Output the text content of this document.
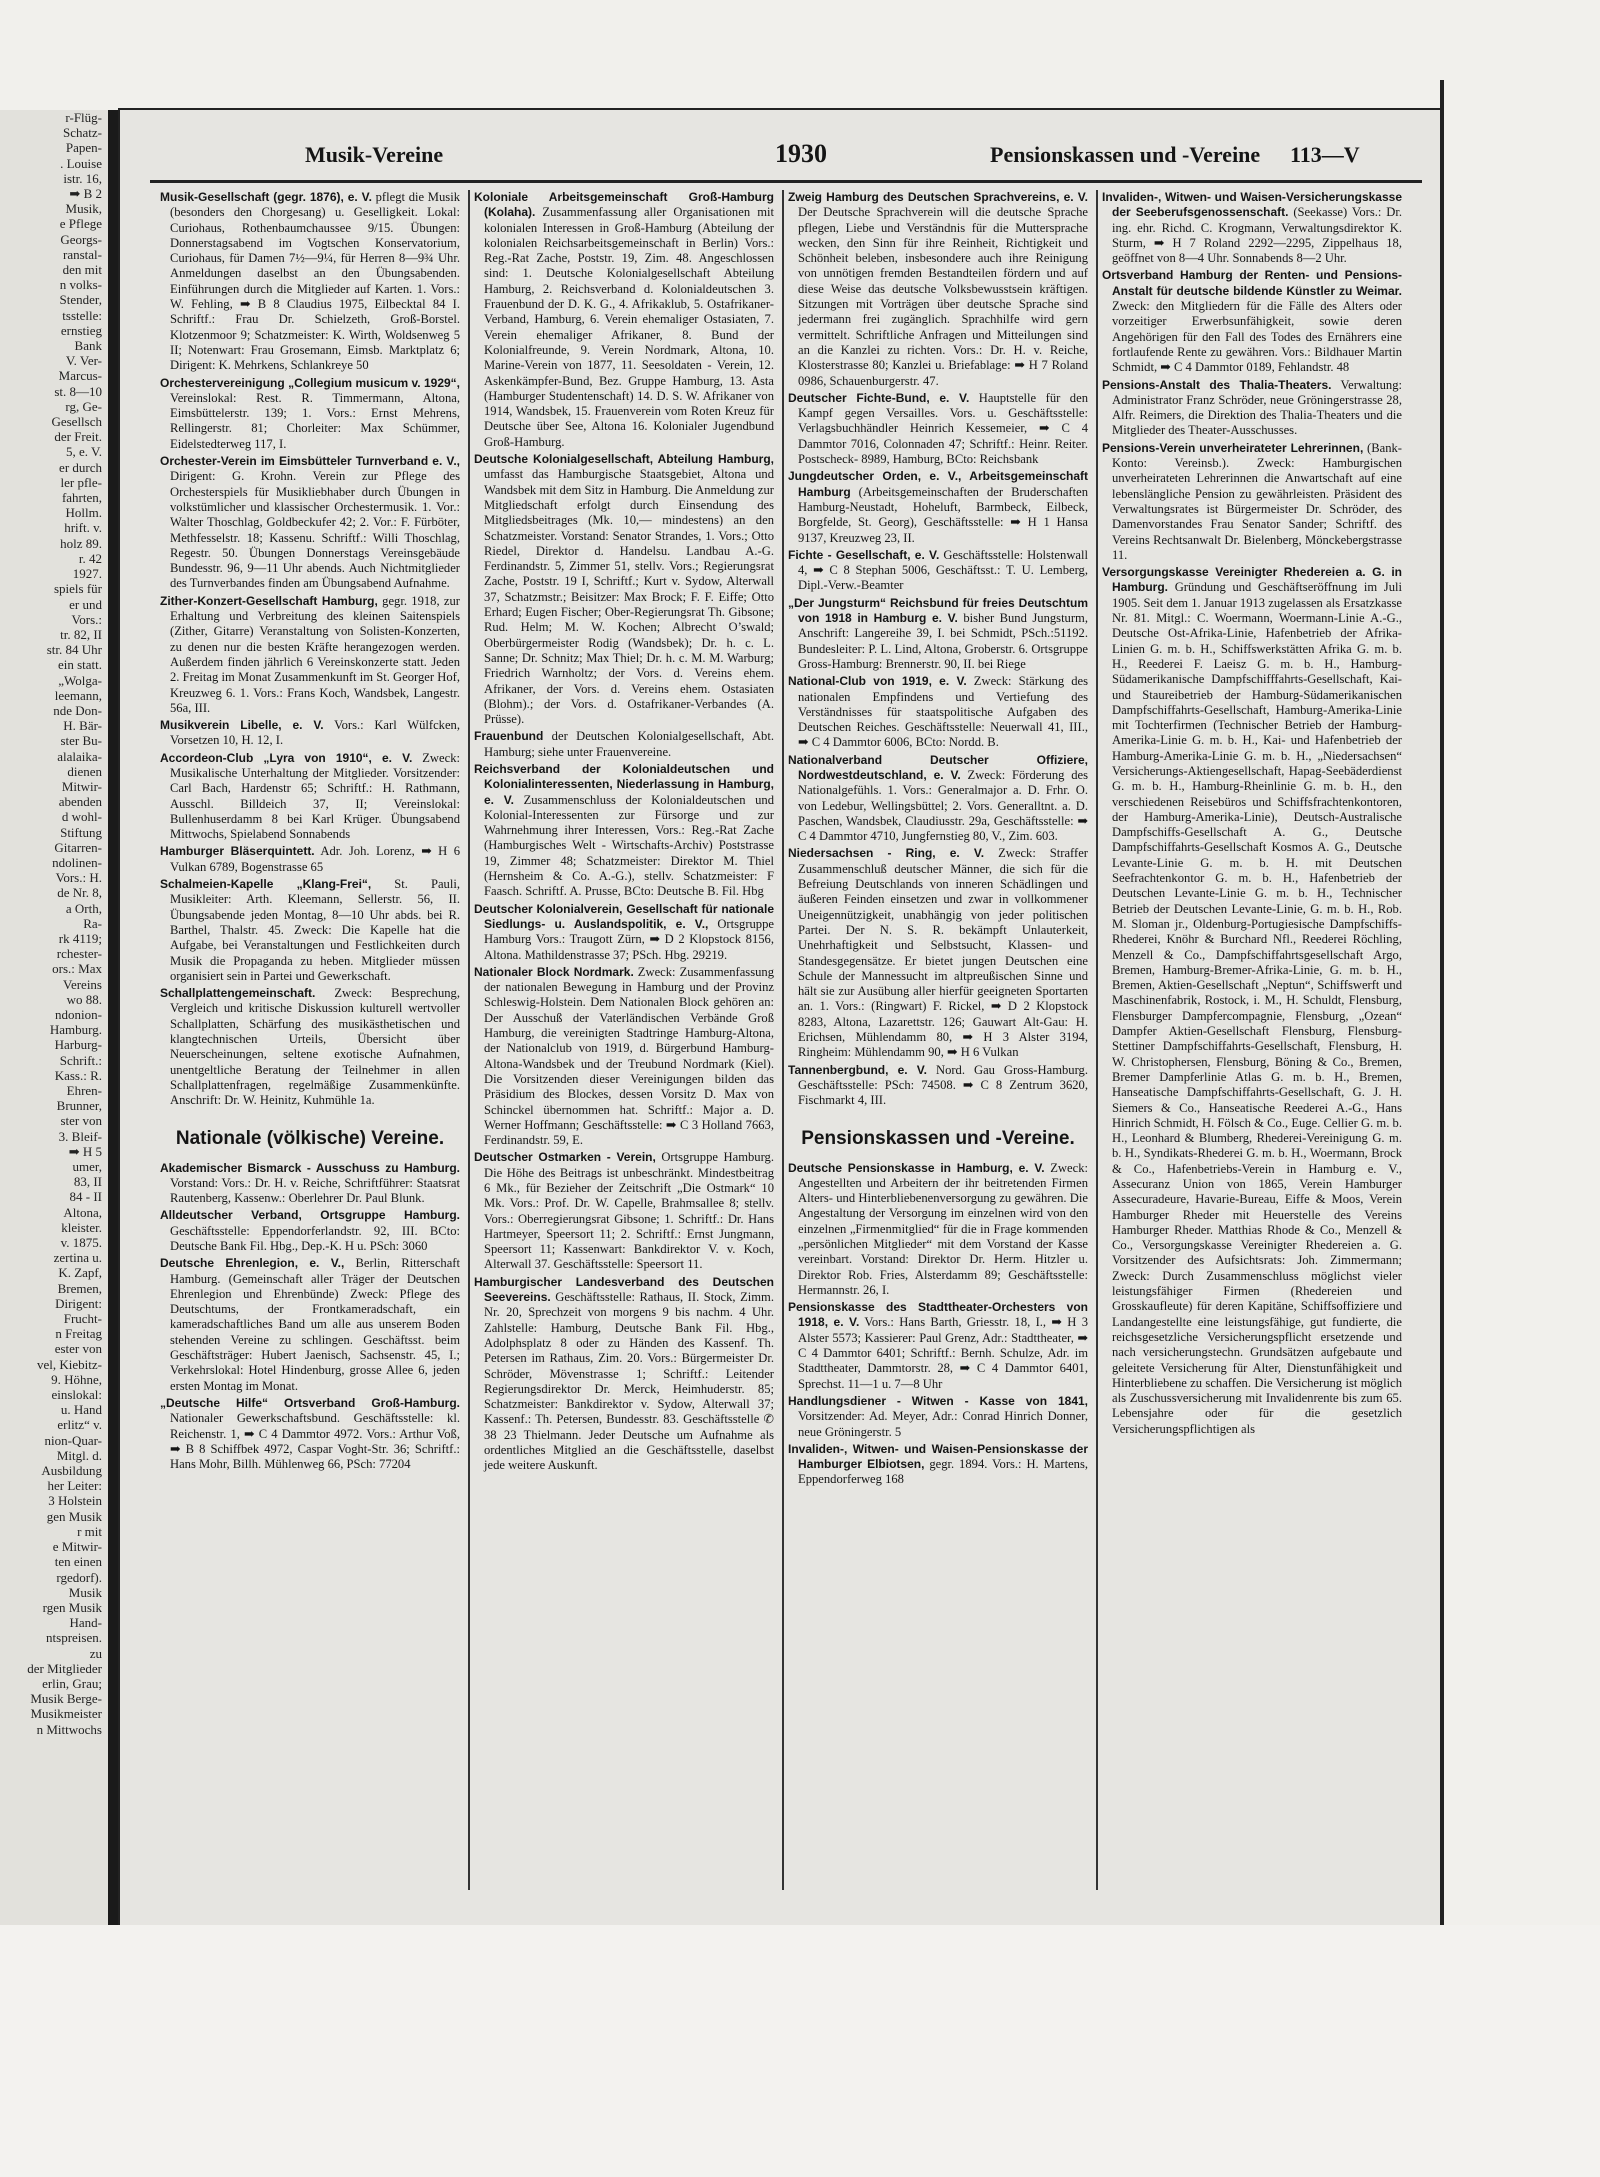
r-Flüg-
Schatz-
Papen-
. Louise
istr. 16,
➡ B 2
Musik,
e Pflege
Georgs-
ranstal-
den mit
n volks-
Stender,
tsstelle:
ernstieg
Bank
V. Ver-
Marcus-
st. 8—10
rg, Ge-
Gesellsch
der Freit.
5, e. V.
er durch
ler pfle-
fahrten,
Hollm.
hrift. v.
holz 89.
r. 42
1927.
spiels für
er und
Vors.:
tr. 82, II
str. 84 Uhr
ein statt.
„Wolga-
leemann,
nde Don-
H. Bär-
ster Bu-
alalaika-
dienen
Mitwir-
abenden
d wohl-
Stiftung
Gitarren-
ndolinen-
Vors.: H.
de Nr. 8,
a Orth,
Ra-
rk 4119;
rchester-
ors.: Max
Vereins
wo 88.
ndonion-
Hamburg.
Harburg-
Schrift.:
Kass.: R.
Ehren-
Brunner,
ster von
3. Bleif-
➡ H 5
umer,
83, II
84 - II
Altona,
kleister.
v. 1875.
zertina u.
K. Zapf,
Bremen,
Dirigent:
Frucht-
n Freitag
ester von
vel, Kiebitz-
9. Höhne,
einslokal:
u. Hand
erlitz“ v.
nion-Quar-
Mitgl. d.
Ausbildung
her Leiter:
3 Holstein
gen Musik
r mit
e Mitwir-
ten einen
rgedorf).
Musik
rgen Musik
Hand-
ntspreisen.
zu
der Mitglieder
erlin, Grau;
Musik Berge-
Musikmeister
n Mittwochs
Musik-Vereine	1930	Pensionskassen und -Vereine 113—V

Musik-Gesellschaft (gegr. 1876), e. V. pflegt die Musik (besonders den Chorgesang) u. Geselligkeit. Lokal: Curiohaus, Rothenbaumchaussee 9/15. Übungen: Donnerstagsabend im Vogtschen Konservatorium, Curiohaus, für Damen 7½—9¼, für Herren 8—9¾ Uhr. Anmeldungen daselbst an den Übungsabenden. Einführungen durch die Mitglieder auf Karten. 1. Vors.: W. Fehling, ➡ B 8 Claudius 1975, Eilbecktal 84 I. Schriftf.: Frau Dr. Schielzeth, Groß-Borstel. Klotzenmoor 9; Schatzmeister: K. Wirth, Woldsenweg 5 II; Notenwart: Frau Grosemann, Eimsb. Marktplatz 6; Dirigent: K. Mehrkens, Schlankreye 50

Orchestervereinigung „Collegium musicum v. 1929“, Vereinslokal: Rest. R. Timmermann, Altona, Eimsbüttelerstr. 139; 1. Vors.: Ernst Mehrens, Rellingerstr. 81; Chorleiter: Max Schümmer, Eidelstedterweg 117, I.

Orchester-Verein im Eimsbütteler Turnverband e. V., Dirigent: G. Krohn. Verein zur Pflege des Orchesterspiels für Musikliebhaber durch Übungen in volkstümlicher und klassischer Orchestermusik. 1. Vor.: Walter Thoschlag, Goldbeckufer 42; 2. Vor.: F. Fürböter, Methfesselstr. 18; Kassenu. Schriftf.: Willi Thoschlag, Regestr. 50. Übungen Donnerstags Vereinsgebäude Bundesstr. 96, 9—11 Uhr abends. Auch Nichtmitglieder des Turnverbandes finden am Übungsabend Aufnahme.

Zither-Konzert-Gesellschaft Hamburg, gegr. 1918, zur Erhaltung und Verbreitung des kleinen Saitenspiels (Zither, Gitarre) Veranstaltung von Solisten-Konzerten, zu denen nur die besten Kräfte herangezogen werden. Außerdem finden jährlich 6 Vereinskonzerte statt. Jeden 2. Freitag im Monat Zusammenkunft im St. Georger Hof, Kreuzweg 6. 1. Vors.: Frans Koch, Wandsbek, Langestr. 56a, III.

Musikverein Libelle, e. V. Vors.: Karl Wülfcken, Vorsetzen 10, H. 12, I.

Accordeon-Club „Lyra von 1910“, e. V. Zweck: Musikalische Unterhaltung der Mitglieder. Vorsitzender: Carl Bach, Hardenstr 65; Schriftf.: H. Rathmann, Ausschl. Billdeich 37, II; Vereinslokal: Bullenhuserdamm 8 bei Karl Krüger. Übungsabend Mittwochs, Spielabend Sonnabends

Hamburger Bläserquintett. Adr. Joh. Lorenz, ➡ H 6 Vulkan 6789, Bogenstrasse 65

Schalmeien-Kapelle „Klang-Frei“, St. Pauli, Musikleiter: Arth. Kleemann, Sellerstr. 56, II. Übungsabende jeden Montag, 8—10 Uhr abds. bei R. Barthel, Thalstr. 45. Zweck: Die Kapelle hat die Aufgabe, bei Veranstaltungen und Festlichkeiten durch Musik die Propaganda zu heben. Mitglieder müssen organisiert sein in Partei und Gewerkschaft.

Schallplattengemeinschaft. Zweck: Besprechung, Vergleich und kritische Diskussion kulturell wertvoller Schallplatten, Schärfung des musikästhetischen und klangtechnischen Urteils, Übersicht über Neuerscheinungen, seltene exotische Aufnahmen, unentgeltliche Beratung der Teilnehmer in allen Schallplattenfragen, regelmäßige Zusammenkünfte. Anschrift: Dr. W. Heinitz, Kuhmühle 1a.

Nationale (völkische) Vereine.

Akademischer Bismarck - Ausschuss zu Hamburg. Vorstand: Vors.: Dr. H. v. Reiche, Schriftführer: Staatsrat Rautenberg, Kassenw.: Oberlehrer Dr. Paul Blunk.

Alldeutscher Verband, Ortsgruppe Hamburg. Geschäftsstelle: Eppendorferlandstr. 92, III. BCto: Deutsche Bank Fil. Hbg., Dep.-K. H u. PSch: 3060

Deutsche Ehrenlegion, e. V., Berlin, Ritterschaft Hamburg. (Gemeinschaft aller Träger der Deutschen Ehrenlegion und Ehrenbünde) Zweck: Pflege des Deutschtums, der Frontkameradschaft, ein kameradschaftliches Band um alle aus unserem Boden stehenden Vereine zu schlingen. Geschäftsst. beim Geschäftsträger: Hubert Jaenisch, Sachsenstr. 45, I.; Verkehrslokal: Hotel Hindenburg, grosse Allee 6, jeden ersten Montag im Monat.

„Deutsche Hilfe“ Ortsverband Groß-Hamburg. Nationaler Gewerkschaftsbund. Geschäftsstelle: kl. Reichenstr. 1, ➡ C 4 Dammtor 4972. Vors.: Arthur Voß, ➡ B 8 Schiffbek 4972, Caspar Voght-Str. 36; Schriftf.: Hans Mohr, Billh. Mühlenweg 66, PSch: 77204

Koloniale Arbeitsgemeinschaft Groß-Hamburg (Kolaha). Zusammenfassung aller Organisationen mit kolonialen Interessen in Groß-Hamburg (Abteilung der kolonialen Reichsarbeitsgemeinschaft in Berlin) Vors.: Reg.-Rat Zache, Poststr. 19, Zim. 48. Angeschlossen sind: 1. Deutsche Kolonialgesellschaft Abteilung Hamburg, 2. Reichsverband d. Kolonialdeutschen 3. Frauenbund der D. K. G., 4. Afrikaklub, 5. Ostafrikaner-Verband, Hamburg, 6. Verein ehemaliger Ostasiaten, 7. Verein ehemaliger Afrikaner, 8. Bund der Kolonialfreunde, 9. Verein Nordmark, Altona, 10. Marine-Verein von 1877, 11. Seesoldaten - Verein, 12. Askenkämpfer-Bund, Bez. Gruppe Hamburg, 13. Asta (Hamburger Studentenschaft) 14. D. S. W. Afrikaner von 1914, Wandsbek, 15. Frauenverein vom Roten Kreuz für Deutsche über See, Altona 16. Kolonialer Jugendbund Groß-Hamburg.

Deutsche Kolonialgesellschaft, Abteilung Hamburg, umfasst das Hamburgische Staatsgebiet, Altona und Wandsbek mit dem Sitz in Hamburg. Die Anmeldung zur Mitgliedschaft erfolgt durch Einsendung des Mitgliedsbeitrages (Mk. 10,— mindestens) an den Schatzmeister. Vorstand: Senator Strandes, 1. Vors.; Otto Riedel, Direktor d. Handelsu. Landbau A.-G. Ferdinandstr. 5, Zimmer 51, stellv. Vors.; Regierungsrat Zache, Poststr. 19 I, Schriftf.; Kurt v. Sydow, Alterwall 37, Schatzmstr.; Beisitzer: Max Brock; F. F. Eiffe; Otto Erhard; Eugen Fischer; Ober-Regierungsrat Th. Gibsone; Rud. Helm; M. W. Kochen; Albrecht O’swald; Oberbürgermeister Rodig (Wandsbek); Dr. h. c. L. Sanne; Dr. Schnitz; Max Thiel; Dr. h. c. M. M. Warburg; Friedrich Warnholtz; der Vors. d. Vereins ehem. Afrikaner, der Vors. d. Vereins ehem. Ostasiaten (Blohm).; der Vors. d. Ostafrikaner-Verbandes (A. Prüsse).

Frauenbund der Deutschen Kolonialgesellschaft, Abt. Hamburg; siehe unter Frauenvereine.

Reichsverband der Kolonialdeutschen und Kolonialinteressenten, Niederlassung in Hamburg, e. V. Zusammenschluss der Kolonialdeutschen und Kolonial-Interessenten zur Fürsorge und zur Wahrnehmung ihrer Interessen, Vors.: Reg.-Rat Zache (Hamburgisches Welt - Wirtschafts-Archiv) Poststrasse 19, Zimmer 48; Schatzmeister: Direktor M. Thiel (Hernsheim & Co. A.-G.), stellv. Schatzmeister: F Faasch. Schriftf. A. Prusse, BCto: Deutsche B. Fil. Hbg

Deutscher Kolonialverein, Gesellschaft für nationale Siedlungs- u. Auslandspolitik, e. V., Ortsgruppe Hamburg Vors.: Traugott Zürn, ➡ D 2 Klopstock 8156, Altona. Mathildenstrasse 37; PSch. Hbg. 29219.

Nationaler Block Nordmark. Zweck: Zusammenfassung der nationalen Bewegung in Hamburg und der Provinz Schleswig-Holstein. Dem Nationalen Block gehören an: Der Ausschuß der Vaterländischen Verbände Groß Hamburg, die vereinigten Stadtringe Hamburg-Altona, der Nationalclub von 1919, d. Bürgerbund Hamburg-Altona-Wandsbek und der Treubund Nordmark (Kiel). Die Vorsitzenden dieser Vereinigungen bilden das Präsidium des Blockes, dessen Vorsitz D. Max von Schinckel übernommen hat. Schriftf.: Major a. D. Werner Hoffmann; Geschäftsstelle: ➡ C 3 Holland 7663, Ferdinandstr. 59, E.

Deutscher Ostmarken - Verein, Ortsgruppe Hamburg. Die Höhe des Beitrags ist unbeschränkt. Mindestbeitrag 6 Mk., für Bezieher der Zeitschrift „Die Ostmark“ 10 Mk. Vors.: Prof. Dr. W. Capelle, Brahmsallee 8; stellv. Vors.: Oberregierungsrat Gibsone; 1. Schriftf.: Dr. Hans Hartmeyer, Speersort 11; 2. Schriftf.: Ernst Jungmann, Speersort 11; Kassenwart: Bankdirektor V. v. Koch, Alterwall 37. Geschäftsstelle: Speersort 11.

Hamburgischer Landesverband des Deutschen Seevereins. Geschäftsstelle: Rathaus, II. Stock, Zimm. Nr. 20, Sprechzeit von morgens 9 bis nachm. 4 Uhr. Zahlstelle: Hamburg, Deutsche Bank Fil. Hbg., Adolphsplatz 8 oder zu Händen des Kassenf. Th. Petersen im Rathaus, Zim. 20. Vors.: Bürgermeister Dr. Schröder, Mövenstrasse 1; Schriftf.: Leitender Regierungsdirektor Dr. Merck, Heimhuderstr. 85; Schatzmeister: Bankdirektor v. Sydow, Alterwall 37; Kassenf.: Th. Petersen, Bundesstr. 83. Geschäftsstelle ✆ 38 23 Thielmann. Jeder Deutsche um Aufnahme als ordentliches Mitglied an die Geschäftsstelle, daselbst jede weitere Auskunft.

Zweig Hamburg des Deutschen Sprachvereins, e. V. Der Deutsche Sprachverein will die deutsche Sprache pflegen, Liebe und Verständnis für die Muttersprache wecken, den Sinn für ihre Reinheit, Richtigkeit und Schönheit beleben, insbesondere auch ihre Reinigung von unnötigen fremden Bestandteilen fördern und auf diese Weise das deutsche Volksbewusstsein kräftigen. Sitzungen mit Vorträgen über deutsche Sprache sind jedermann frei zugänglich. Sprachhilfe wird gern vermittelt. Schriftliche Anfragen und Mitteilungen sind an die Kanzlei zu richten. Vors.: Dr. H. v. Reiche, Klosterstrasse 80; Kanzlei u. Briefablage: ➡ H 7 Roland 0986, Schauenburgerstr. 47.

Deutscher Fichte-Bund, e. V. Hauptstelle für den Kampf gegen Versailles. Vors. u. Geschäftsstelle: Verlagsbuchhändler Heinrich Kessemeier, ➡ C 4 Dammtor 7016, Colonnaden 47; Schriftf.: Heinr. Reiter. Postscheck- 8989, Hamburg, BCto: Reichsbank

Jungdeutscher Orden, e. V., Arbeitsgemeinschaft Hamburg (Arbeitsgemeinschaften der Bruderschaften Hamburg-Neustadt, Hoheluft, Barmbeck, Eilbeck, Borgfelde, St. Georg), Geschäftsstelle: ➡ H 1 Hansa 9137, Kreuzweg 23, II.

Fichte - Gesellschaft, e. V. Geschäftsstelle: Holstenwall 4, ➡ C 8 Stephan 5006, Geschäftsst.: T. U. Lemberg, Dipl.-Verw.-Beamter

„Der Jungsturm“ Reichsbund für freies Deutschtum von 1918 in Hamburg e. V. bisher Bund Jungsturm, Anschrift: Langereihe 39, I. bei Schmidt, PSch.:51192. Bundesleiter: P. L. Lind, Altona, Groberstr. 6. Ortsgruppe Gross-Hamburg: Brennerstr. 90, II. bei Riege

National-Club von 1919, e. V. Zweck: Stärkung des nationalen Empfindens und Vertiefung des Verständnisses für staatspolitische Aufgaben des Deutschen Reiches. Geschäftsstelle: Neuerwall 41, III., ➡ C 4 Dammtor 6006, BCto: Nordd. B.

Nationalverband Deutscher Offiziere, Nordwestdeutschland, e. V. Zweck: Förderung des Nationalgefühls. 1. Vors.: Generalmajor a. D. Frhr. O. von Ledebur, Wellingsbüttel; 2. Vors. Generalltnt. a. D. Paschen, Wandsbek, Claudiusstr. 29a, Geschäftsstelle: ➡ C 4 Dammtor 4710, Jungfernstieg 80, V., Zim. 603.

Niedersachsen - Ring, e. V. Zweck: Straffer Zusammenschluß deutscher Männer, die sich für die Befreiung Deutschlands von inneren Schädlingen und äußeren Feinden einsetzen und zwar in vollkommener Uneigennützigkeit, unabhängig von jeder politischen Partei. Der N. S. R. bekämpft Unlauterkeit, Unehrhaftigkeit und Selbstsucht, Klassen- und Standesgegensätze. Er bietet jungen Deutschen eine Schule der Mannessucht im altpreußischen Sinne und hält sie zur Ausübung aller hierfür geeigneten Sportarten an. 1. Vors.: (Ringwart) F. Rickel, ➡ D 2 Klopstock 8283, Altona, Lazarettstr. 126; Gauwart Alt-Gau: H. Erichsen, Mühlendamm 80, ➡ H 3 Alster 3194, Ringheim: Mühlendamm 90, ➡ H 6 Vulkan

Tannenbergbund, e. V. Nord. Gau Gross-Hamburg. Geschäftsstelle: PSch: 74508. ➡ C 8 Zentrum 3620, Fischmarkt 4, III.

Pensionskassen und -Vereine.

Deutsche Pensionskasse in Hamburg, e. V. Zweck: Angestellten und Arbeitern der ihr beitretenden Firmen Alters- und Hinterbliebenenversorgung zu gewähren. Die Angestaltung der Versorgung im einzelnen wird von den einzelnen „Firmenmitglied“ für die in Frage kommenden „persönlichen Mitglieder“ mit dem Vorstand der Kasse vereinbart. Vorstand: Direktor Dr. Herm. Hitzler u. Direktor Rob. Fries, Alsterdamm 89; Geschäftsstelle: Hermannstr. 26, I.

Pensionskasse des Stadttheater-Orchesters von 1918, e. V. Vors.: Hans Barth, Griesstr. 18, I., ➡ H 3 Alster 5573; Kassierer: Paul Grenz, Adr.: Stadttheater, ➡ C 4 Dammtor 6401; Schriftf.: Bernh. Schulze, Adr. im Stadttheater, Dammtorstr. 28, ➡ C 4 Dammtor 6401, Sprechst. 11—1 u. 7—8 Uhr

Handlungsdiener - Witwen - Kasse von 1841, Vorsitzender: Ad. Meyer, Adr.: Conrad Hinrich Donner, neue Gröningerstr. 5

Invaliden-, Witwen- und Waisen-Pensionskasse der Hamburger Elbiotsen, gegr. 1894. Vors.: H. Martens, Eppendorferweg 168

Invaliden-, Witwen- und Waisen-Versicherungskasse der Seeberufsgenossenschaft. (Seekasse) Vors.: Dr. ing. ehr. Richd. C. Krogmann, Verwaltungsdirektor K. Sturm, ➡ H 7 Roland 2292—2295, Zippelhaus 18, geöffnet von 8—4 Uhr. Sonnabends 8—2 Uhr.

Ortsverband Hamburg der Renten- und Pensions-Anstalt für deutsche bildende Künstler zu Weimar. Zweck: den Mitgliedern für die Fälle des Alters oder vorzeitiger Erwerbsunfähigkeit, sowie deren Angehörigen für den Fall des Todes des Ernährers eine fortlaufende Rente zu gewähren. Vors.: Bildhauer Martin Schmidt, ➡ C 4 Dammtor 0189, Fehlandstr. 48

Pensions-Anstalt des Thalia-Theaters. Verwaltung: Administrator Franz Schröder, neue Gröningerstrasse 28, Alfr. Reimers, die Direktion des Thalia-Theaters und die Mitglieder des Theater-Ausschusses.

Pensions-Verein unverheirateter Lehrerinnen, (Bank-Konto: Vereinsb.). Zweck: Hamburgischen unverheirateten Lehrerinnen die Anwartschaft auf eine lebenslängliche Pension zu gewährleisten. Präsident des Verwaltungsrates ist Bürgermeister Dr. Schröder, des Damenvorstandes Frau Senator Sander; Schriftf. des Vereins Rechtsanwalt Dr. Bielenberg, Mönckebergstrasse 11.

Versorgungskasse Vereinigter Rhedereien a. G. in Hamburg. Gründung und Geschäftseröffnung im Juli 1905. Seit dem 1. Januar 1913 zugelassen als Ersatzkasse Nr. 81. Mitgl.: C. Woermann, Woermann-Linie A.-G., Deutsche Ost-Afrika-Linie, Hafenbetrieb der Afrika-Linien G. m. b. H., Schiffswerkstätten Afrika G. m. b. H., Reederei F. Laeisz G. m. b. H., Hamburg-Südamerikanische Dampfschifffahrts-Gesellschaft, Kai- und Staureibetrieb der Hamburg-Südamerikanischen Dampfschiffahrts-Gesellschaft, Hamburg-Amerika-Linie mit Tochterfirmen (Technischer Betrieb der Hamburg-Amerika-Linie G. m. b. H., Kai- und Hafenbetrieb der Hamburg-Amerika-Linie G. m. b. H., „Niedersachsen“ Versicherungs-Aktiengesellschaft, Hapag-Seebäderdienst G. m. b. H., Hamburg-Rheinlinie G. m. b. H., den verschiedenen Reisebüros und Schiffsfrachtenkontoren, der Hamburg-Amerika-Linie), Deutsch-Australische Dampfschiffs-Gesellschaft A. G., Deutsche Dampfschiffahrts-Gesellschaft Kosmos A. G., Deutsche Levante-Linie G. m. b. H. mit Deutschen Seefrachtenkontor G. m. b. H., Hafenbetrieb der Deutschen Levante-Linie G. m. b. H., Technischer Betrieb der Deutschen Levante-Linie, G. m. b. H., Rob. M. Sloman jr., Oldenburg-Portugiesische Dampfschiffs-Rhederei, Knöhr & Burchard Nfl., Reederei Röchling, Menzell & Co., Dampfschiffahrtsgesellschaft Argo, Bremen, Hamburg-Bremer-Afrika-Linie, G. m. b. H., Bremen, Aktien-Gesellschaft „Neptun“, Schiffswerft und Maschinenfabrik, Rostock, i. M., H. Schuldt, Flensburg, Flensburger Dampfercompagnie, Flensburg, „Ozean“ Dampfer Aktien-Gesellschaft Flensburg, Flensburg-Stettiner Dampfschiffahrts-Gesellschaft, Flensburg, H. W. Christophersen, Flensburg, Böning & Co., Bremen, Bremer Dampferlinie Atlas G. m. b. H., Bremen, Hanseatische Dampfschiffahrts-Gesellschaft, G. J. H. Siemers & Co., Hanseatische Reederei A.-G., Hans Hinrich Schmidt, H. Fölsch & Co., Euge. Cellier G. m. b. H., Leonhard & Blumberg, Rhederei-Vereinigung G. m. b. H., Syndikats-Rhederei G. m. b. H., Woermann, Brock & Co., Hafenbetriebs-Verein in Hamburg e. V., Assecuranz Union von 1865, Verein Hamburger Assecuradeure, Havarie-Bureau, Eiffe & Moos, Verein Hamburger Rheder mit Heuerstelle des Vereins Hamburger Rheder. Matthias Rhode & Co., Menzell & Co., Versorgungskasse Vereinigter Rhedereien a. G. Vorsitzender des Aufsichtsrats: Joh. Zimmermann; Zweck: Durch Zusammenschluss möglichst vieler leistungsfähiger Firmen (Rhedereien und Grosskaufleute) für deren Kapitäne, Schiffsoffiziere und Landangestellte eine leistungsfähige, gut fundierte, die reichsgesetzliche Versicherungspflicht ersetzende und nach versicherungstechn. Grundsätzen aufgebaute und geleitete Versicherung für Alter, Dienstunfähigkeit und Hinterbliebene zu schaffen. Die Versicherung ist möglich als Zuschussversicherung mit Invalidenrente bis zum 65. Lebensjahre oder für die gesetzlich Versicherungspflichtigen als
